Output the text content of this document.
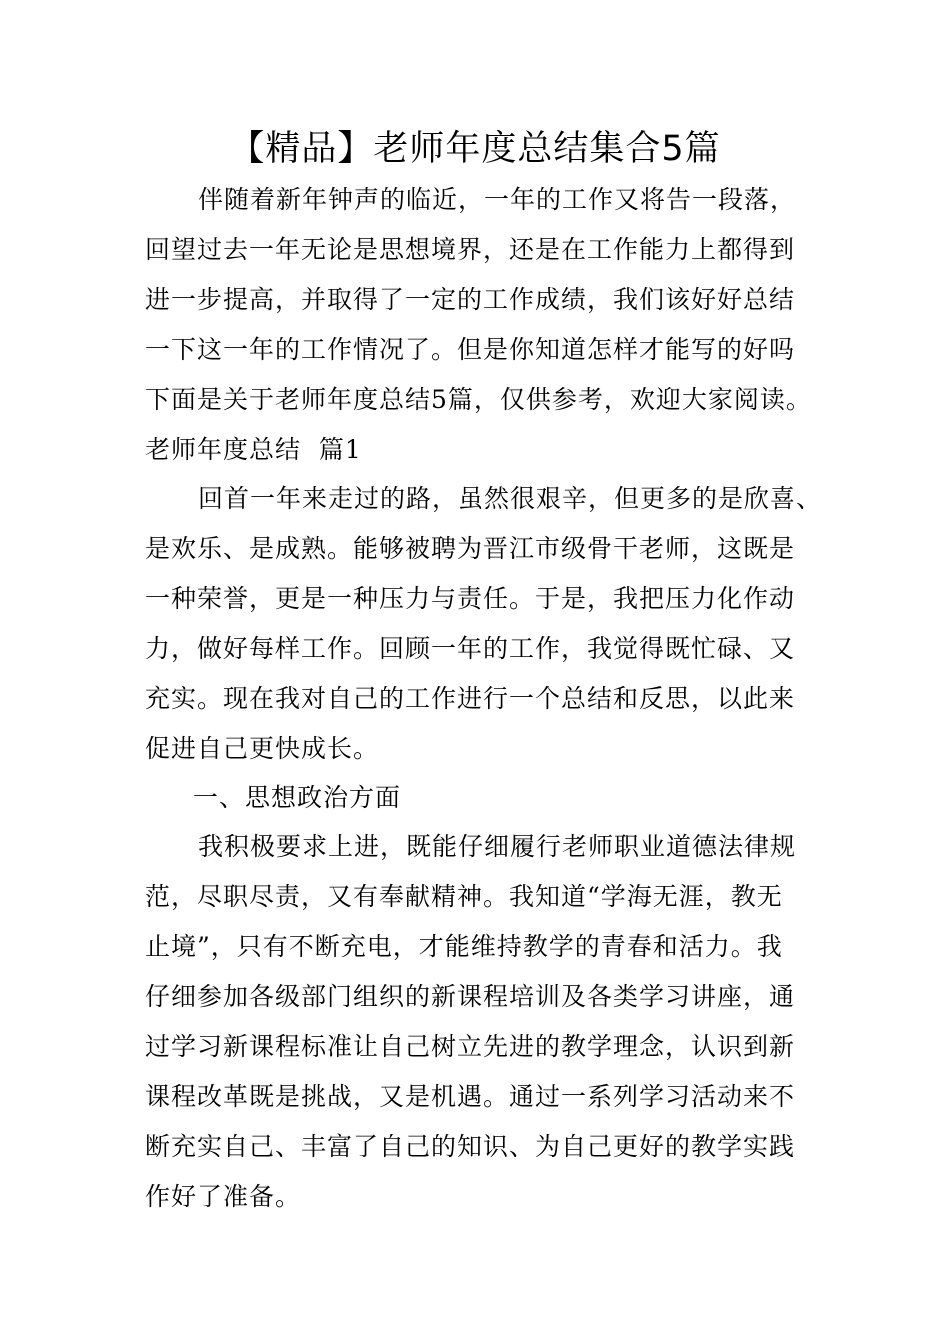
【精品】老师年度总结集合5篇
伴随着新年钟声的临近，一年的工作又将告一段落，
回望过去一年无论是思想境界，还是在工作能力上都得到
进一步提高，并取得了一定的工作成绩，我们该好好总结
一下这一年的工作情况了。但是你知道怎样才能写的好吗
下面是关于老师年度总结5篇，仅供参考，欢迎大家阅读。
老师年度总结  篇1
回首一年来走过的路，虽然很艰辛，但更多的是欣喜、
是欢乐、是成熟。能够被聘为晋江市级骨干老师，这既是
一种荣誉，更是一种压力与责任。于是，我把压力化作动
力，做好每样工作。回顾一年的工作，我觉得既忙碌、又
充实。现在我对自己的工作进行一个总结和反思，以此来
促进自己更快成长。
一、思想政治方面
我积极要求上进，既能仔细履行老师职业道德法律规
范，尽职尽责，又有奉献精神。我知道“学海无涯，教无
止境”，只有不断充电，才能维持教学的青春和活力。我
仔细参加各级部门组织的新课程培训及各类学习讲座，通
过学习新课程标准让自己树立先进的教学理念，认识到新
课程改革既是挑战，又是机遇。通过一系列学习活动来不
断充实自己、丰富了自己的知识、为自己更好的教学实践
作好了准备。
